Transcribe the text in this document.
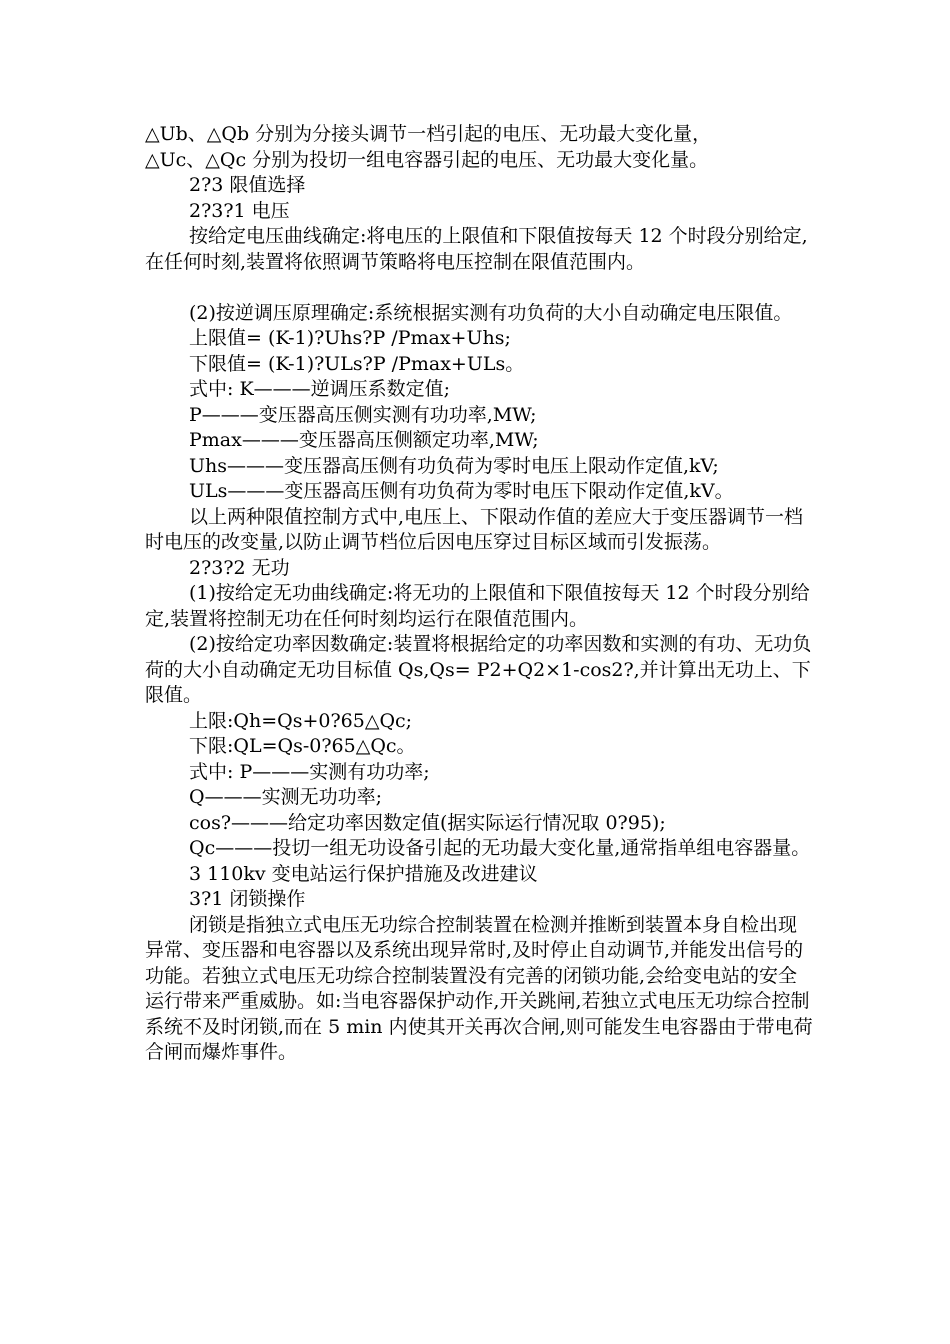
△Ub、△Qb 分别为分接头调节一档引起的电压、无功最大变化量，

△Uc、△Qc 分别为投切一组电容器引起的电压、无功最大变化量。

2?3 限值选择

2?3?1 电压

按给定电压曲线确定:将电压的上限值和下限值按每天 12 个时段分别给定,在任何时刻,装置将依照调节策略将电压控制在限值范围内。

(2)按逆调压原理确定:系统根据实测有功负荷的大小自动确定电压限值。

上限值= (K-1)?Uhs?P /Pmax+Uhs;

下限值= (K-1)?ULs?P /Pmax+ULs。

式中: K———逆调压系数定值;

P———变压器高压侧实测有功功率,MW;

Pmax———变压器高压侧额定功率,MW;

Uhs———变压器高压侧有功负荷为零时电压上限动作定值,kV;

ULs———变压器高压侧有功负荷为零时电压下限动作定值,kV。

以上两种限值控制方式中,电压上、下限动作值的差应大于变压器调节一档时电压的改变量,以防止调节档位后因电压穿过目标区域而引发振荡。

2?3?2 无功

(1)按给定无功曲线确定:将无功的上限值和下限值按每天 12 个时段分别给定,装置将控制无功在任何时刻均运行在限值范围内。

(2)按给定功率因数确定:装置将根据给定的功率因数和实测的有功、无功负荷的大小自动确定无功目标值 Qs,Qs= P2+Q2×1-cos2?,并计算出无功上、下限值。

上限:Qh=Qs+0?65△Qc;

下限:QL=Qs-0?65△Qc。

式中: P———实测有功功率;

Q———实测无功功率;

cos?———给定功率因数定值(据实际运行情况取 0?95);

Qc———投切一组无功设备引起的无功最大变化量,通常指单组电容器量。

3 110kv 变电站运行保护措施及改进建议

3?1 闭锁操作

闭锁是指独立式电压无功综合控制装置在检测并推断到装置本身自检出现异常、变压器和电容器以及系统出现异常时,及时停止自动调节,并能发出信号的功能。若独立式电压无功综合控制装置没有完善的闭锁功能,会给变电站的安全运行带来严重威胁。如:当电容器保护动作,开关跳闸,若独立式电压无功综合控制系统不及时闭锁,而在 5 min 内使其开关再次合闸,则可能发生电容器由于带电荷合闸而爆炸事件。
